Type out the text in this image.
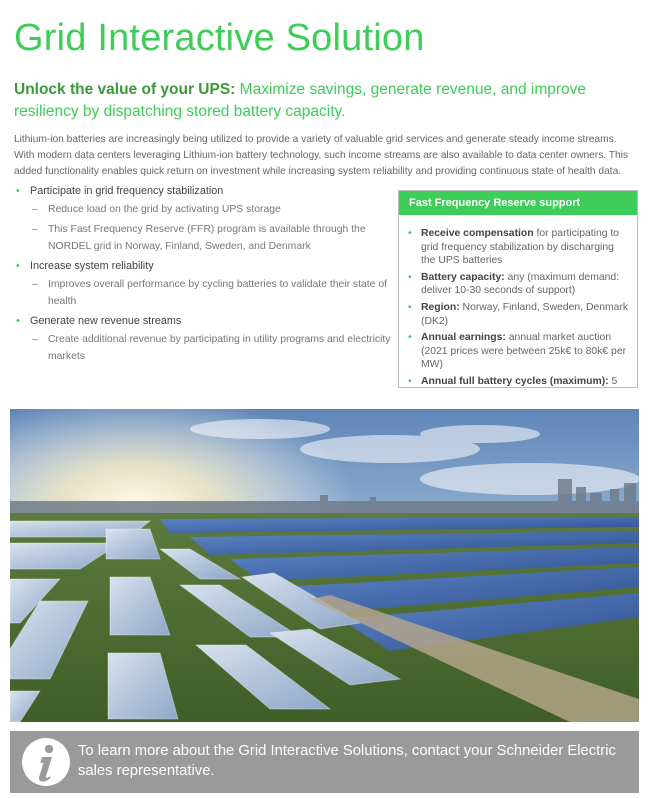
Grid Interactive Solution

Unlock the value of your UPS: Maximize savings, generate revenue, and improve resiliency by dispatching stored battery capacity.

Lithium-ion batteries are increasingly being utilized to provide a variety of valuable grid services and generate steady income streams. With modern data centers leveraging Lithium-ion battery technology, such income streams are also available to data center owners. This added functionality enables quick return on investment while increasing system reliability and providing continuous state of health data.

• Participate in grid frequency stabilization
– Reduce load on the grid by activating UPS storage
– This Fast Frequency Reserve (FFR) program is available through the NORDEL grid in Norway, Finland, Sweden, and Denmark
• Increase system reliability
– Improves overall performance by cycling batteries to validate their state of health
• Generate new revenue streams
– Create additional revenue by participating in utility programs and electricity markets
Fast Frequency Reserve support
• Receive compensation for participating to grid frequency stabilization by discharging the UPS batteries
• Battery capacity: any (maximum demand: deliver 10-30 seconds of support)
• Region: Norway, Finland, Sweden, Denmark (DK2)
• Annual earnings: annual market auction (2021 prices were between 25k€ to 80k€ per MW)
• Annual full battery cycles (maximum): 5
To learn more about the Grid Interactive Solutions, contact your Schneider Electric sales representative.
